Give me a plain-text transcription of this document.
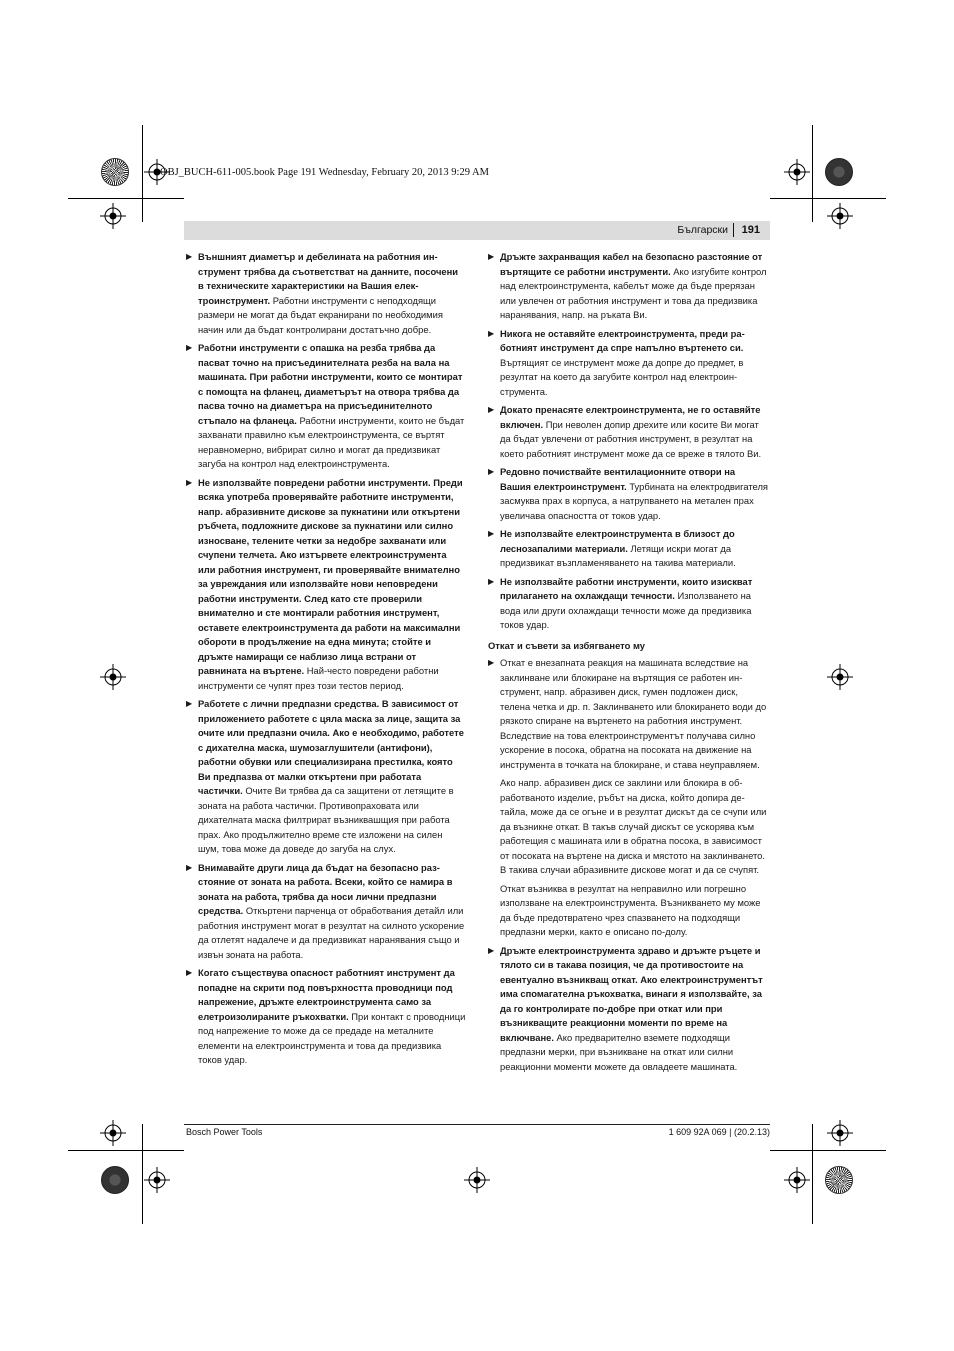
OBJ_BUCH-611-005.book Page 191 Wednesday, February 20, 2013 9:29 AM
Български 191
▶ Външният диаметър и дебелината на работния инструмент трябва да съответстват на данните, посочени в техническите характеристики на Вашия електроинструмент. Работни инструменти с неподходящи размери не могат да бъдат екранирани по необходимия начин или да бъдат контролирани достатъчно добре.
▶ Работни инструменти с опашка на резба трябва да пасват точно на присъединителната резба на вала на машината. При работни инструменти, които се монтират с помощта на фланец, диаметърът на отвора трябва да пасва точно на диаметъра на присъединителното стъпало на фланеца. Работни инструменти, които не бъдат захванати правилно към електроинструмента, се въртят неравномерно, вибрират силно и могат да предизвикат загуба на контрол над електроинструмента.
▶ Не използвайте повредени работни инструменти. Преди всяка употреба проверявайте работните инструменти, напр. абразивните дискове за пукнатини или откъртени ръбчета, подложните дискове за пукнатини или силно износване, телените четки за недобре захванати или счупени телчета. Ако изтървете електроинструмента или работния инструмент, ги проверявайте внимателно за увреждания или използвайте нови неповредени работни инструменти. След като сте проверили внимателно и сте монтирали работния инструмент, оставете електроинструмента да работи на максимални обороти в продължение на една минута; стойте и дръжте намиращи се наблизо лица встрани от равнината на въртене. Най-често повредени работни инструменти се чупят през този тестов период.
▶ Работете с лични предпазни средства. В зависимост от приложението работете с цяла маска за лице, защита за очите или предпазни очила. Ако е необходимо, работете с дихателна маска, шумозаглушители (антифони), работни обувки или специализирана престилка, която Ви предпазва от малки откъртени при работата частички. Очите Ви трябва да са защитени от летящите в зоната на работа частички. Противопраховата или дихателната маска филтрират възниквашщия при работа прах. Ако продължително време сте изложени на силен шум, това може да доведе до загуба на слух.
▶ Внимавайте други лица да бъдат на безопасно разстояние от зоната на работа. Всеки, който се намира в зоната на работа, трябва да носи лични предпазни средства. Откъртени парченца от обработвания детайл или работния инструмент могат в резултат на силното ускорение да отлетят надалече и да предизвикат наранявания също и извън зоната на работа.
▶ Когато съществува опасност работният инструмент да попадне на скрити под повърхността проводници под напрежение, дръжте електроинструмента само за елетроизолираните ръкохватки. При контакт с проводници под напрежение то може да се предаде на металните елементи на електроинструмента и това да предизвика токов удар.
▶ Дръжте захранващия кабел на безопасно разстояние от въртящите се работни инструменти. Ако изгубите контрол над електроинструмента, кабелът може да бъде прерязан или увлечен от работния инструмент и това да предизвика наранявания, напр. на ръката Ви.
▶ Никога не оставяйте електроинструмента, преди работният инструмент да спре напълно въртенето си. Въртящият се инструмент може да допре до предмет, в резултат на което да загубите контрол над електроинструмента.
▶ Докато пренасяте електроинструмента, не го оставяйте включен. При неволен допир дрехите или косите Ви могат да бъдат увлечени от работния инструмент, в резултат на което работният инструмент може да се вреже в тялото Ви.
▶ Редовно почиствайте вентилационните отвори на Вашия електроинструмент. Турбината на електродвигателя засмуква прах в корпуса, а натрупването на метален прах увеличава опасността от токов удар.
▶ Не използвайте електроинструмента в близост до леснозапалими материали. Летящи искри могат да предизвикат възпламеняването на такива материали.
▶ Не използвайте работни инструменти, които изискват прилагането на охлаждащи течности. Използването на вода или други охлаждащи течности може да предизвика токов удар.
Откат и съвети за избягването му
▶ Откат е внезапната реакция на машината вследствие на заклинване или блокиране на въртящия се работен инструмент, напр. абразивен диск, гумен подложен диск, телена четка и др. п. Заклинването или блокирането води до рязкото спиране на въртенето на работния инструмент. Вследствие на това електроинструментът получава силно ускорение в посока, обратна на посоката на движение на инструмента в точката на блокиране, и става неуправляем.
Ако напр. абразивен диск се заклини или блокира в обработваното изделие, ръбът на диска, който допира детайла, може да се огъне и в резултат дискът да се счупи или да възникне откат. В такъв случай дискът се ускорява към работещия с машината или в обратна посока, в зависимост от посоката на въртене на диска и мястото на заклинването. В такива случаи абразивните дискове могат и да се счупят.
Откат възниква в резултат на неправилно или погрешно използване на електроинструмента. Възникването му може да бъде предотвратено чрез спазването на подходящи предпазни мерки, както е описано по-долу.
▶ Дръжте електроинструмента здраво и дръжте ръцете и тялото си в такава позиция, че да противостоите на евентуално възникващ откат. Ако електроинструментът има спомагателна ръкохватка, винаги я използвайте, за да го контролирате по-добре при откат или при възникващите реакционни моменти по време на включване. Ако предварително вземете подходящи предпазни мерки, при възникване на откат или силни реакционни моменти можете да овладеете машината.
Bosch Power Tools	1 609 92A 069 | (20.2.13)
